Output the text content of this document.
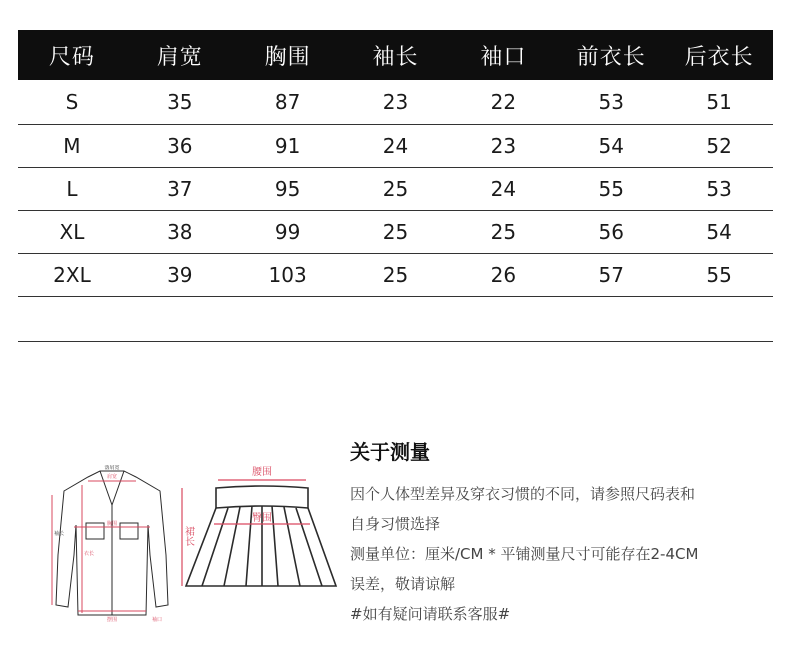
尺码	肩宽	胸围	袖长	袖口	前衣长	后衣长
S	35	87	23	22	53	51
M	36	91	24	23	54	52
L	37	95	25	24	55	53
XL	38	99	25	25	56	54
2XL	39	103	25	26	57	55
落肩宽
肩宽
胸围
袖长
衣长
摆围	袖口
腰围
臀围
裙长
关于测量

因个人体型差异及穿衣习惯的不同，请参照尺码表和

自身习惯选择

测量单位：厘米/CM * 平铺测量尺寸可能存在2-4CM

误差，敬请谅解

#如有疑问请联系客服#
